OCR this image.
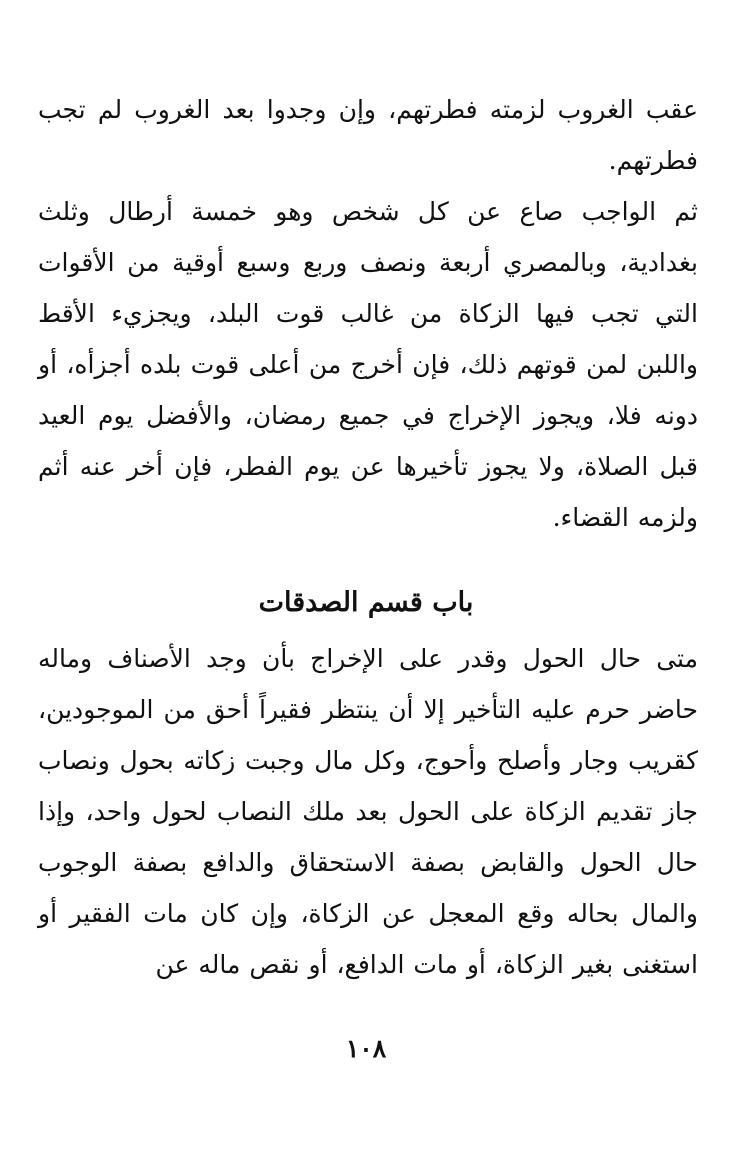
عقب الغروب لزمته فطرتهم، وإن وجدوا بعد الغروب لم تجب فطرتهم.

ثم الواجب صاع عن كل شخص وهو خمسة أرطال وثلث بغدادية، وبالمصري أربعة ونصف وربع وسبع أوقية من الأقوات التي تجب فيها الزكاة من غالب قوت البلد، ويجزيء الأقط واللبن لمن قوتهم ذلك، فإن أخرج من أعلى قوت بلده أجزأه، أو دونه فلا، ويجوز الإخراج في جميع رمضان، والأفضل يوم العيد قبل الصلاة، ولا يجوز تأخيرها عن يوم الفطر، فإن أخر عنه أثم ولزمه القضاء.

باب قسم الصدقات

متى حال الحول وقدر على الإخراج بأن وجد الأصناف وماله حاضر حرم عليه التأخير إلا أن ينتظر فقيراً أحق من الموجودين، كقريب وجار وأصلح وأحوج، وكل مال وجبت زكاته بحول ونصاب جاز تقديم الزكاة على الحول بعد ملك النصاب لحول واحد، وإذا حال الحول والقابض بصفة الاستحقاق والدافع بصفة الوجوب والمال بحاله وقع المعجل عن الزكاة، وإن كان مات الفقير أو استغنى بغير الزكاة، أو مات الدافع، أو نقص ماله عن

١٠٨
